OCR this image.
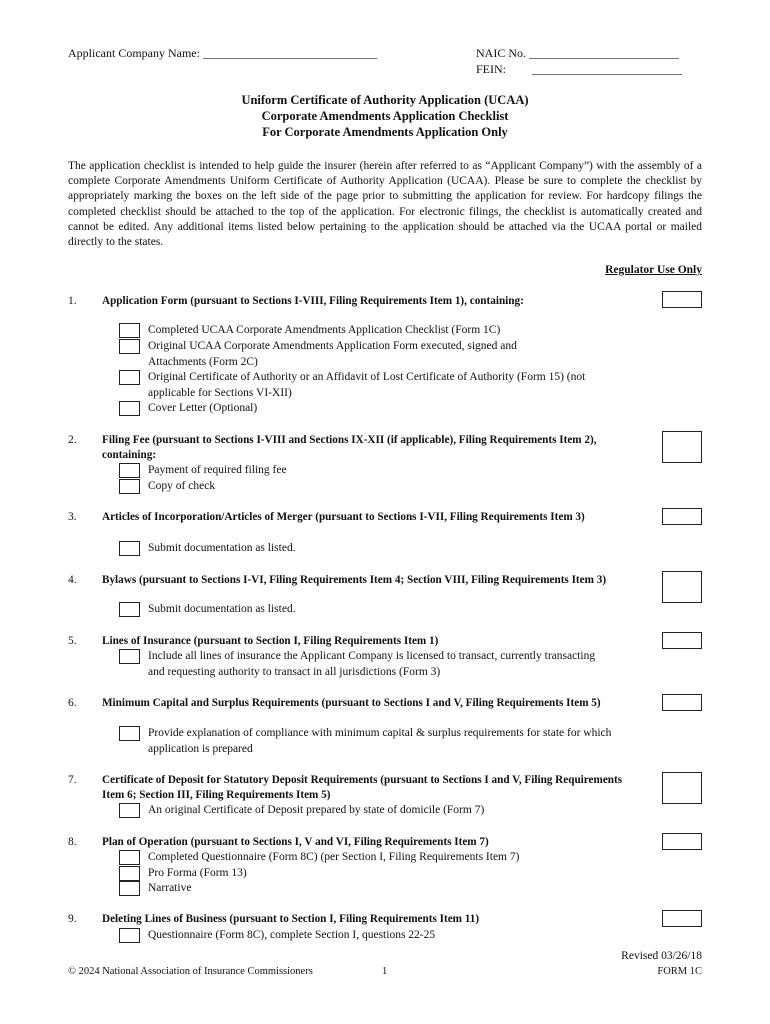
Applicant Company Name: _____________________________	NAIC No. _________________________
FEIN: _________________________
Uniform Certificate of Authority Application (UCAA)
Corporate Amendments Application Checklist
For Corporate Amendments Application Only
The application checklist is intended to help guide the insurer (herein after referred to as “Applicant Company”) with the assembly of a complete Corporate Amendments Uniform Certificate of Authority Application (UCAA). Please be sure to complete the checklist by appropriately marking the boxes on the left side of the page prior to submitting the application for review. For hardcopy filings the completed checklist should be attached to the top of the application. For electronic filings, the checklist is automatically created and cannot be edited. Any additional items listed below pertaining to the application should be attached via the UCAA portal or mailed directly to the states.
Regulator Use Only
1. Application Form (pursuant to Sections I-VIII, Filing Requirements Item 1), containing:
Completed UCAA Corporate Amendments Application Checklist (Form 1C)
Original UCAA Corporate Amendments Application Form executed, signed and Attachments (Form 2C)
Original Certificate of Authority or an Affidavit of Lost Certificate of Authority (Form 15) (not applicable for Sections VI-XII)
Cover Letter (Optional)
2. Filing Fee (pursuant to Sections I-VIII and Sections IX-XII (if applicable), Filing Requirements Item 2), containing:
Payment of required filing fee
Copy of check
3. Articles of Incorporation/Articles of Merger (pursuant to Sections I-VII, Filing Requirements Item 3)
Submit documentation as listed.
4. Bylaws (pursuant to Sections I-VI, Filing Requirements Item 4; Section VIII, Filing Requirements Item 3)
Submit documentation as listed.
5. Lines of Insurance (pursuant to Section I, Filing Requirements Item 1)
Include all lines of insurance the Applicant Company is licensed to transact, currently transacting and requesting authority to transact in all jurisdictions (Form 3)
6. Minimum Capital and Surplus Requirements (pursuant to Sections I and V, Filing Requirements Item 5)
Provide explanation of compliance with minimum capital & surplus requirements for state for which application is prepared
7. Certificate of Deposit for Statutory Deposit Requirements (pursuant to Sections I and V, Filing Requirements Item 6; Section III, Filing Requirements Item 5)
An original Certificate of Deposit prepared by state of domicile (Form 7)
8. Plan of Operation (pursuant to Sections I, V and VI, Filing Requirements Item 7)
Completed Questionnaire (Form 8C) (per Section I, Filing Requirements Item 7)
Pro Forma (Form 13)
Narrative
9. Deleting Lines of Business (pursuant to Section I, Filing Requirements Item 11)
Questionnaire (Form 8C), complete Section I, questions 22-25
Revised 03/26/18
© 2024 National Association of Insurance Commissioners	1	FORM 1C
